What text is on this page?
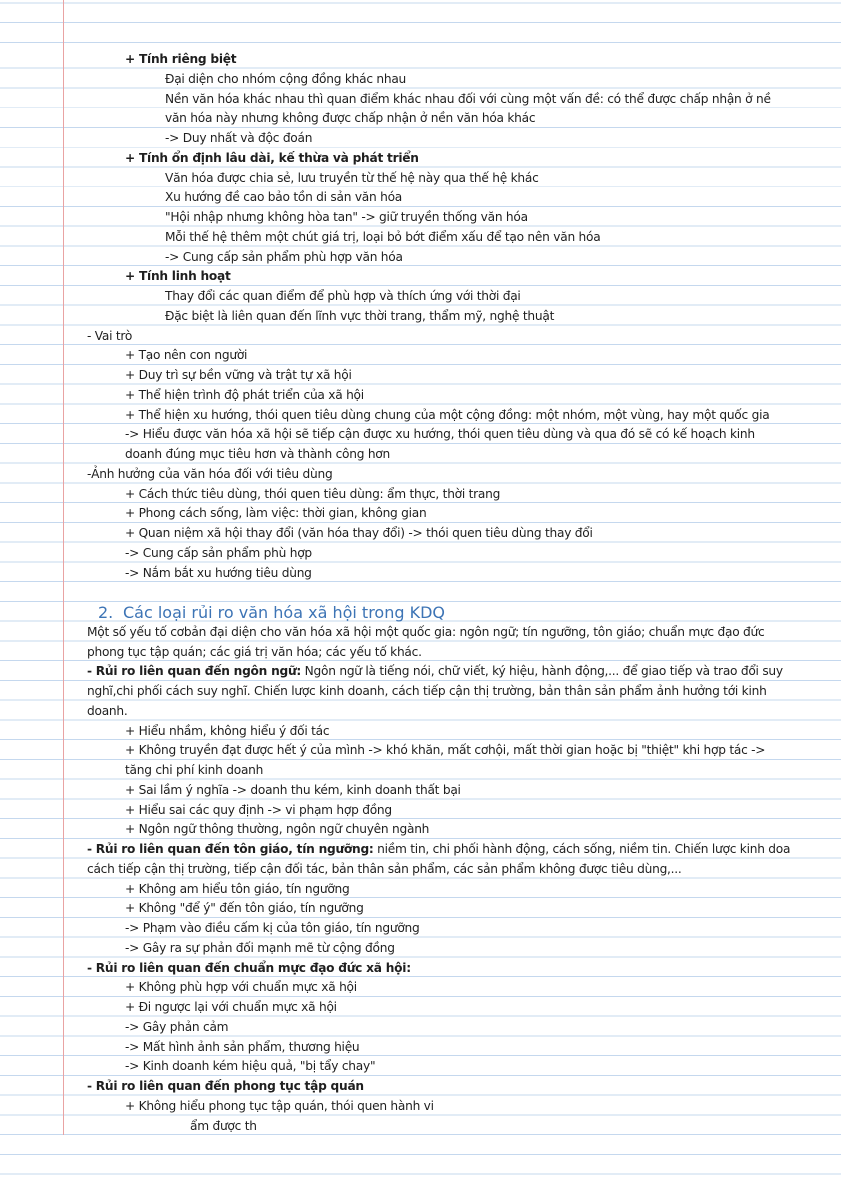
+ Tính riêng biệt
Đại diện cho nhóm cộng đồng khác nhau
Nền văn hóa khác nhau thì quan điểm khác nhau đối với cùng một vấn đề: có thể được chấp nhận ở nề
văn hóa này nhưng không được chấp nhận ở nền văn hóa khác
-> Duy nhất và độc đoán
+ Tính ổn định lâu dài, kế thừa và phát triển
Văn hóa được chia sẻ, lưu truyền từ thế hệ này qua thế hệ khác
Xu hướng đề cao bảo tồn di sản văn hóa
"Hội nhập nhưng không hòa tan" -> giữ truyền thống văn hóa
Mỗi thế hệ thêm một chút giá trị, loại bỏ bớt điểm xấu để tạo nên văn hóa
-> Cung cấp sản phẩm phù hợp văn hóa
+ Tính linh hoạt
Thay đổi các quan điểm để phù hợp và thích ứng với thời đại
Đặc biệt là liên quan đến lĩnh vực thời trang, thẩm mỹ, nghệ thuật
- Vai trò
+ Tạo nên con người
+ Duy trì sự bền vững và trật tự xã hội
+ Thể hiện trình độ phát triển của xã hội
+ Thể hiện xu hướng, thói quen tiêu dùng chung của một cộng đồng: một nhóm, một vùng, hay một quốc gia
-> Hiểu được văn hóa xã hội sẽ tiếp cận được xu hướng, thói quen tiêu dùng và qua đó sẽ có kế hoạch kinh
doanh đúng mục tiêu hơn và thành công hơn
-Ảnh hưởng của văn hóa đối với tiêu dùng
+ Cách thức tiêu dùng, thói quen tiêu dùng: ẩm thực, thời trang
+ Phong cách sống, làm việc: thời gian, không gian
+ Quan niệm xã hội thay đổi (văn hóa thay đổi) -> thói quen tiêu dùng thay đổi
-> Cung cấp sản phẩm phù hợp
-> Nắm bắt xu hướng tiêu dùng
2. Các loại rủi ro văn hóa xã hội trong KDQ
Một số yếu tố cơbản đại diện cho văn hóa xã hội một quốc gia: ngôn ngữ; tín ngưỡng, tôn giáo; chuẩn mực đạo đức
phong tục tập quán; các giá trị văn hóa; các yếu tố khác.
- Rủi ro liên quan đến ngôn ngữ: Ngôn ngữ là tiếng nói, chữ viết, ký hiệu, hành động,... để giao tiếp và trao đổi suy
nghĩ,chi phối cách suy nghĩ. Chiến lược kinh doanh, cách tiếp cận thị trường, bản thân sản phẩm ảnh hưởng tới kinh
doanh.
+ Hiểu nhầm, không hiểu ý đối tác
+ Không truyền đạt được hết ý của mình -> khó khăn, mất cơhội, mất thời gian hoặc bị "thiệt" khi hợp tác ->
tăng chi phí kinh doanh
+ Sai lầm ý nghĩa -> doanh thu kém, kinh doanh thất bại
+ Hiểu sai các quy định -> vi phạm hợp đồng
+ Ngôn ngữ thông thường, ngôn ngữ chuyên ngành
- Rủi ro liên quan đến tôn giáo, tín ngưỡng: niềm tin, chi phối hành động, cách sống, niềm tin. Chiến lược kinh doa
cách tiếp cận thị trường, tiếp cận đối tác, bản thân sản phẩm, các sản phẩm không được tiêu dùng,...
+ Không am hiểu tôn giáo, tín ngưỡng
+ Không "để ý" đến tôn giáo, tín ngưỡng
-> Phạm vào điều cấm kị của tôn giáo, tín ngưỡng
-> Gây ra sự phản đối mạnh mẽ từ cộng đồng
- Rủi ro liên quan đến chuẩn mực đạo đức xã hội:
+ Không phù hợp với chuẩn mực xã hội
+ Đi ngược lại với chuẩn mực xã hội
-> Gây phản cảm
-> Mất hình ảnh sản phẩm, thương hiệu
-> Kinh doanh kém hiệu quả, "bị tẩy chay"
- Rủi ro liên quan đến phong tục tập quán
+ Không hiểu phong tục tập quán, thói quen hành vi
ẩm được th
